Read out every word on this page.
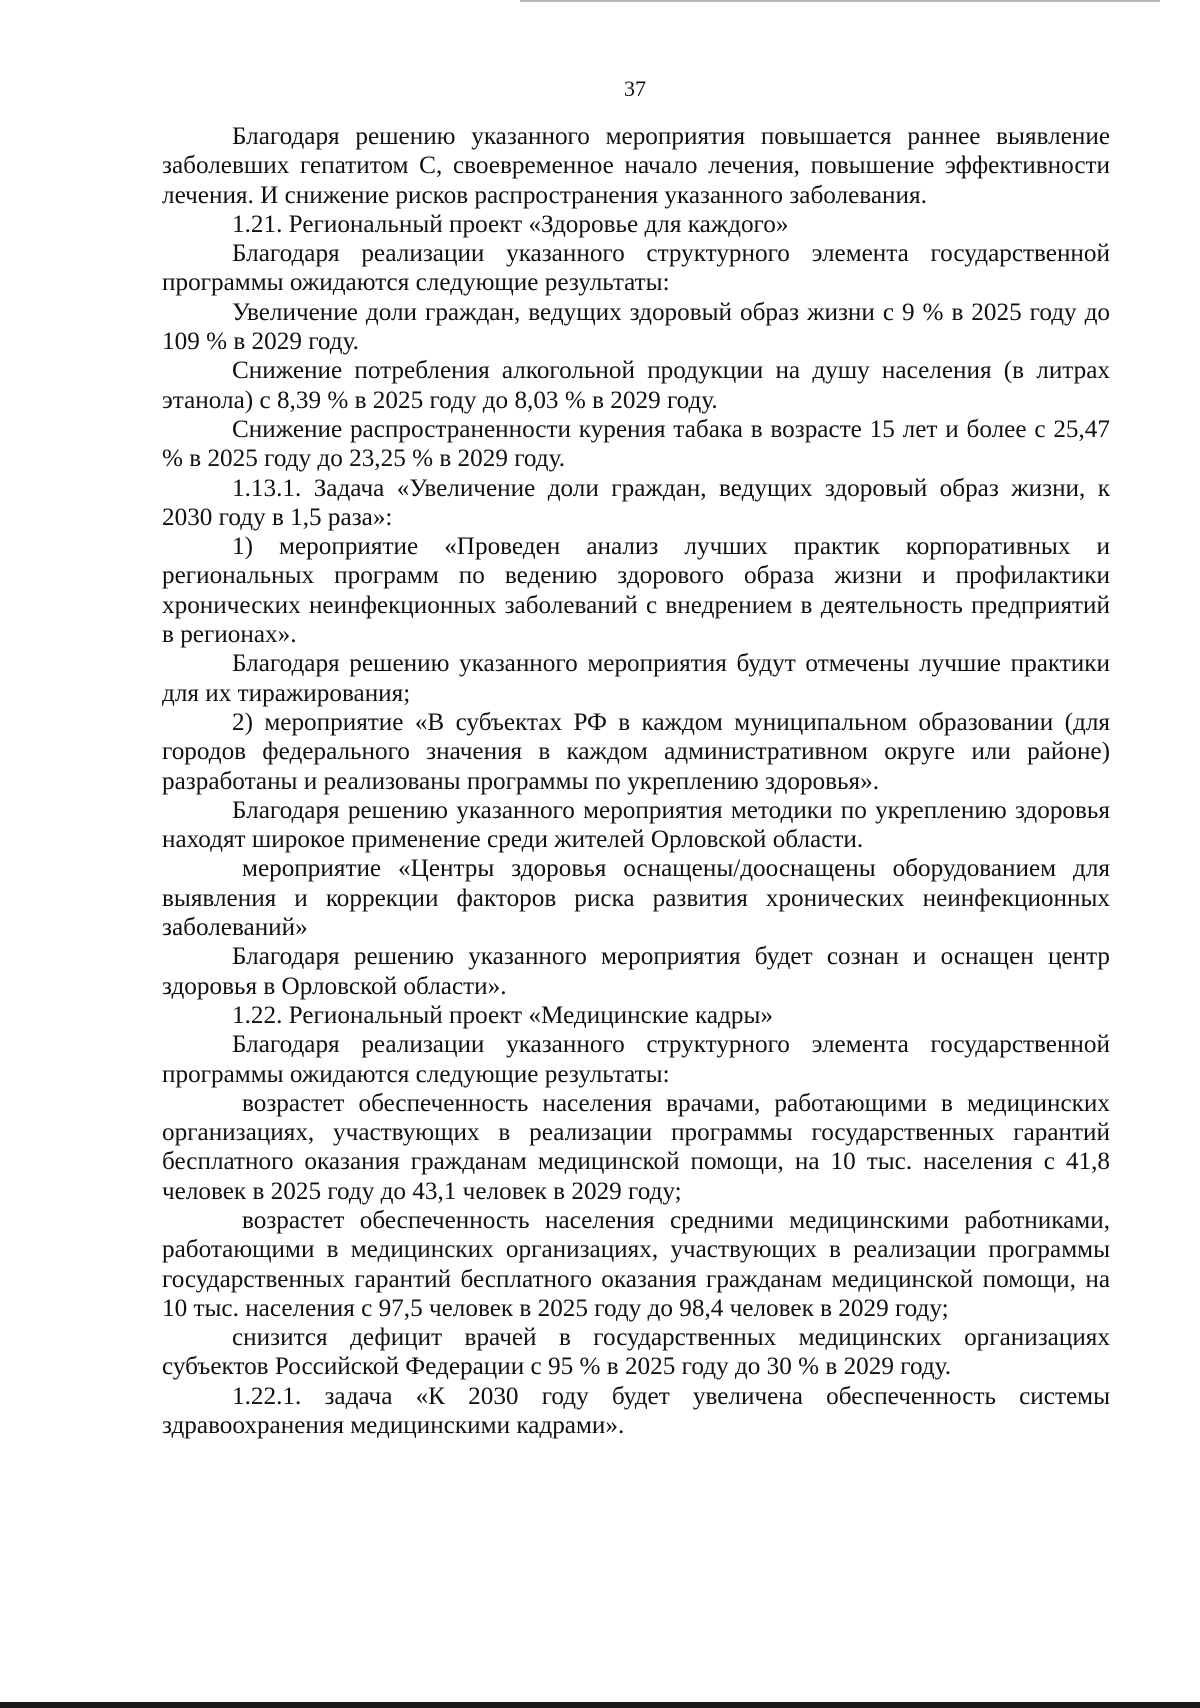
37

Благодаря решению указанного мероприятия повышается раннее выявление заболевших гепатитом С, своевременное начало лечения, повышение эффективности лечения. И снижение рисков распространения указанного заболевания.

1.21. Региональный проект «Здоровье для каждого»

Благодаря реализации указанного структурного элемента государственной программы ожидаются следующие результаты:

Увеличение доли граждан, ведущих здоровый образ жизни с 9 % в 2025 году до 109 % в 2029 году.

Снижение потребления алкогольной продукции на душу населения (в литрах этанола) с 8,39 % в 2025 году до 8,03 % в 2029 году.

Снижение распространенности курения табака в возрасте 15 лет и более с 25,47 % в 2025 году до 23,25 % в 2029 году.

1.13.1. Задача «Увеличение доли граждан, ведущих здоровый образ жизни, к 2030 году в 1,5 раза»:

1) мероприятие «Проведен анализ лучших практик корпоративных и региональных программ по ведению здорового образа жизни и профилактики хронических неинфекционных заболеваний с внедрением в деятельность предприятий в регионах».

Благодаря решению указанного мероприятия будут отмечены лучшие практики для их тиражирования;

2) мероприятие «В субъектах РФ в каждом муниципальном образовании (для городов федерального значения в каждом административном округе или районе) разработаны и реализованы программы по укреплению здоровья».

Благодаря решению указанного мероприятия методики по укреплению здоровья находят широкое применение среди жителей Орловской области.

мероприятие «Центры здоровья оснащены/дооснащены оборудованием для выявления и коррекции факторов риска развития хронических неинфекционных заболеваний»

Благодаря решению указанного мероприятия будет сознан и оснащен центр здоровья в Орловской области».

1.22. Региональный проект «Медицинские кадры»

Благодаря реализации указанного структурного элемента государственной программы ожидаются следующие результаты:

возрастет обеспеченность населения врачами, работающими в медицинских организациях, участвующих в реализации программы государственных гарантий бесплатного оказания гражданам медицинской помощи, на 10 тыс. населения с 41,8 человек в 2025 году до 43,1 человек в 2029 году;

возрастет обеспеченность населения средними медицинскими работниками, работающими в медицинских организациях, участвующих в реализации программы государственных гарантий бесплатного оказания гражданам медицинской помощи, на 10 тыс. населения с 97,5 человек в 2025 году до 98,4 человек в 2029 году;

снизится дефицит врачей в государственных медицинских организациях субъектов Российской Федерации с 95 % в 2025 году до 30 % в 2029 году.

1.22.1. задача «К 2030 году будет увеличена обеспеченность системы здравоохранения медицинскими кадрами».
